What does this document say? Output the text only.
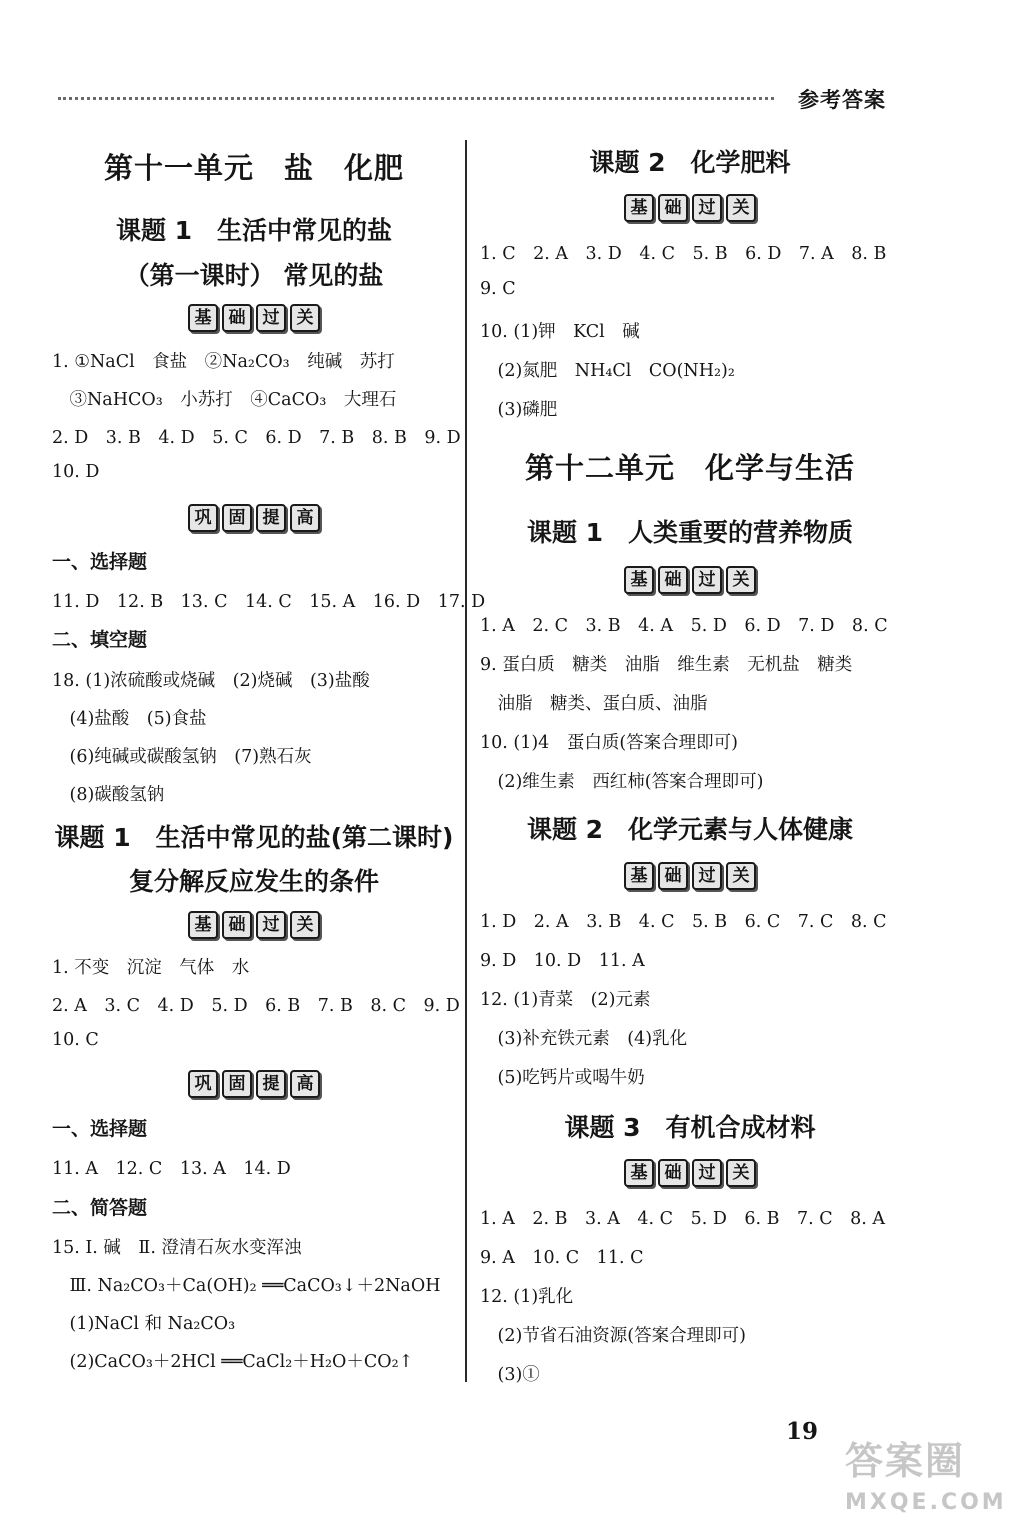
参考答案
第十一单元　盐　化肥
课题 1　生活中常见的盐
（第一课时） 常见的盐
基	础	过	关
1. ①NaCl　食盐　②Na₂CO₃　纯碱　苏打
　③NaHCO₃　小苏打　④CaCO₃　大理石
2. D　3. B　4. D　5. C　6. D　7. B　8. B　9. D
10. D
巩	固	提	高
一、选择题
11. D　12. B　13. C　14. C　15. A　16. D　17. D
二、填空题
18. (1)浓硫酸或烧碱　(2)烧碱　(3)盐酸
　(4)盐酸　(5)食盐
　(6)纯碱或碳酸氢钠　(7)熟石灰
　(8)碳酸氢钠
课题 1　生活中常见的盐(第二课时)
复分解反应发生的条件
基	础	过	关
1. 不变　沉淀　气体　水
2. A　3. C　4. D　5. D　6. B　7. B　8. C　9. D
10. C
巩	固	提	高
一、选择题
11. A　12. C　13. A　14. D
二、简答题
15. Ⅰ. 碱　Ⅱ. 澄清石灰水变浑浊
　Ⅲ. Na₂CO₃＋Ca(OH)₂ ══CaCO₃↓＋2NaOH
　(1)NaCl 和 Na₂CO₃
　(2)CaCO₃＋2HCl ══CaCl₂＋H₂O＋CO₂↑
课题 2　化学肥料
基	础	过	关
1. C　2. A　3. D　4. C　5. B　6. D　7. A　8. B
9. C
10. (1)钾　KCl　碱
　(2)氮肥　NH₄Cl　CO(NH₂)₂
　(3)磷肥
第十二单元　化学与生活
课题 1　人类重要的营养物质
基	础	过	关
1. A　2. C　3. B　4. A　5. D　6. D　7. D　8. C
9. 蛋白质　糖类　油脂　维生素　无机盐　糖类
　油脂　糖类、蛋白质、油脂
10. (1)4　蛋白质(答案合理即可)
　(2)维生素　西红柿(答案合理即可)
课题 2　化学元素与人体健康
基	础	过	关
1. D　2. A　3. B　4. C　5. B　6. C　7. C　8. C
9. D　10. D　11. A
12. (1)青菜　(2)元素
　(3)补充铁元素　(4)乳化
　(5)吃钙片或喝牛奶
课题 3　有机合成材料
基	础	过	关
1. A　2. B　3. A　4. C　5. D　6. B　7. C　8. A
9. A　10. C　11. C
12. (1)乳化
　(2)节省石油资源(答案合理即可)
　(3)①
19
答案圈
MXQE.COM
